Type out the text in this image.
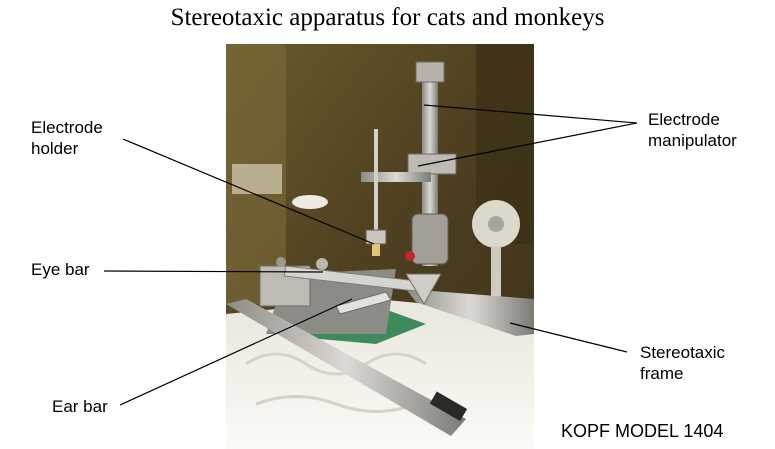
Stereotaxic apparatus for cats and monkeys
Electrode
holder
Eye bar
Ear bar
Electrode
manipulator
Stereotaxic
frame
KOPF MODEL 1404
